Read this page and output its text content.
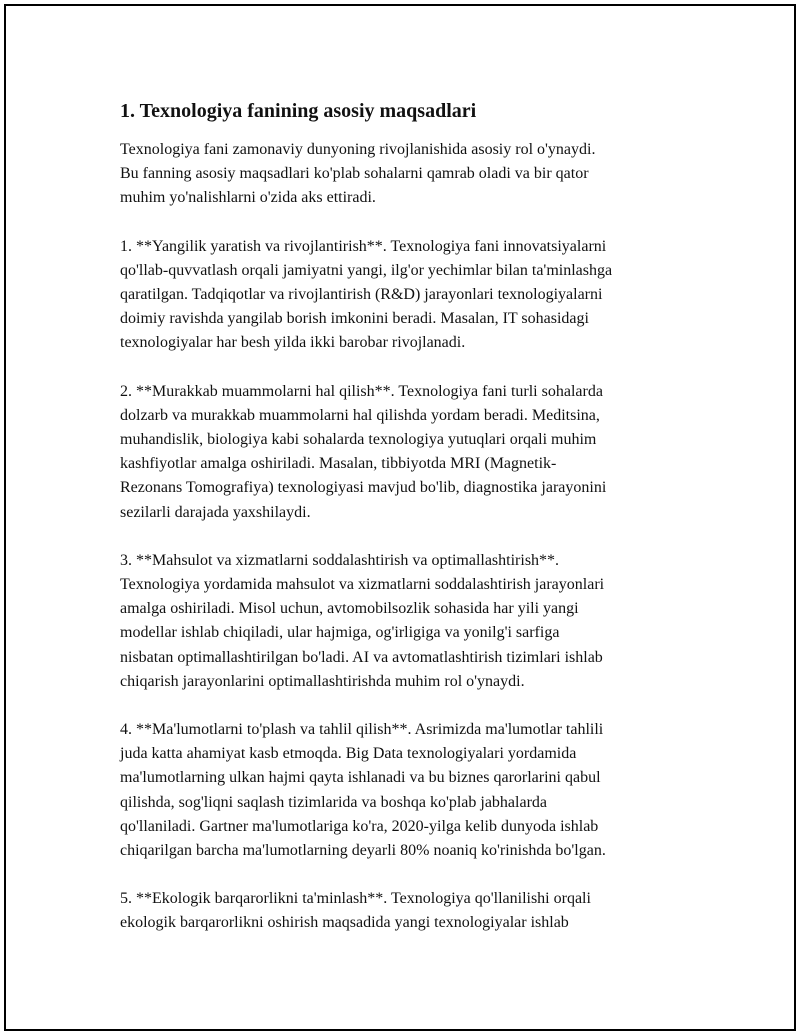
1. Texnologiya fanining asosiy maqsadlari

Texnologiya fani zamonaviy dunyoning rivojlanishida asosiy rol o'ynaydi.
Bu fanning asosiy maqsadlari ko'plab sohalarni qamrab oladi va bir qator
muhim yo'nalishlarni o'zida aks ettiradi.

1. **Yangilik yaratish va rivojlantirish**. Texnologiya fani innovatsiyalarni
qo'llab-quvvatlash orqali jamiyatni yangi, ilg'or yechimlar bilan ta'minlashga
qaratilgan. Tadqiqotlar va rivojlantirish (R&D) jarayonlari texnologiyalarni
doimiy ravishda yangilab borish imkonini beradi. Masalan, IT sohasidagi
texnologiyalar har besh yilda ikki barobar rivojlanadi.

2. **Murakkab muammolarni hal qilish**. Texnologiya fani turli sohalarda
dolzarb va murakkab muammolarni hal qilishda yordam beradi. Meditsina,
muhandislik, biologiya kabi sohalarda texnologiya yutuqlari orqali muhim
kashfiyotlar amalga oshiriladi. Masalan, tibbiyotda MRI (Magnetik-
Rezonans Tomografiya) texnologiyasi mavjud bo'lib, diagnostika jarayonini
sezilarli darajada yaxshilaydi.

3. **Mahsulot va xizmatlarni soddalashtirish va optimallashtirish**.
Texnologiya yordamida mahsulot va xizmatlarni soddalashtirish jarayonlari
amalga oshiriladi. Misol uchun, avtomobilsozlik sohasida har yili yangi
modellar ishlab chiqiladi, ular hajmiga, og'irligiga va yonilg'i sarfiga
nisbatan optimallashtirilgan bo'ladi. AI va avtomatlashtirish tizimlari ishlab
chiqarish jarayonlarini optimallashtirishda muhim rol o'ynaydi.

4. **Ma'lumotlarni to'plash va tahlil qilish**. Asrimizda ma'lumotlar tahlili
juda katta ahamiyat kasb etmoqda. Big Data texnologiyalari yordamida
ma'lumotlarning ulkan hajmi qayta ishlanadi va bu biznes qarorlarini qabul
qilishda, sog'liqni saqlash tizimlarida va boshqa ko'plab jabhalarda
qo'llaniladi. Gartner ma'lumotlariga ko'ra, 2020-yilga kelib dunyoda ishlab
chiqarilgan barcha ma'lumotlarning deyarli 80% noaniq ko'rinishda bo'lgan.

5. **Ekologik barqarorlikni ta'minlash**. Texnologiya qo'llanilishi orqali
ekologik barqarorlikni oshirish maqsadida yangi texnologiyalar ishlab
